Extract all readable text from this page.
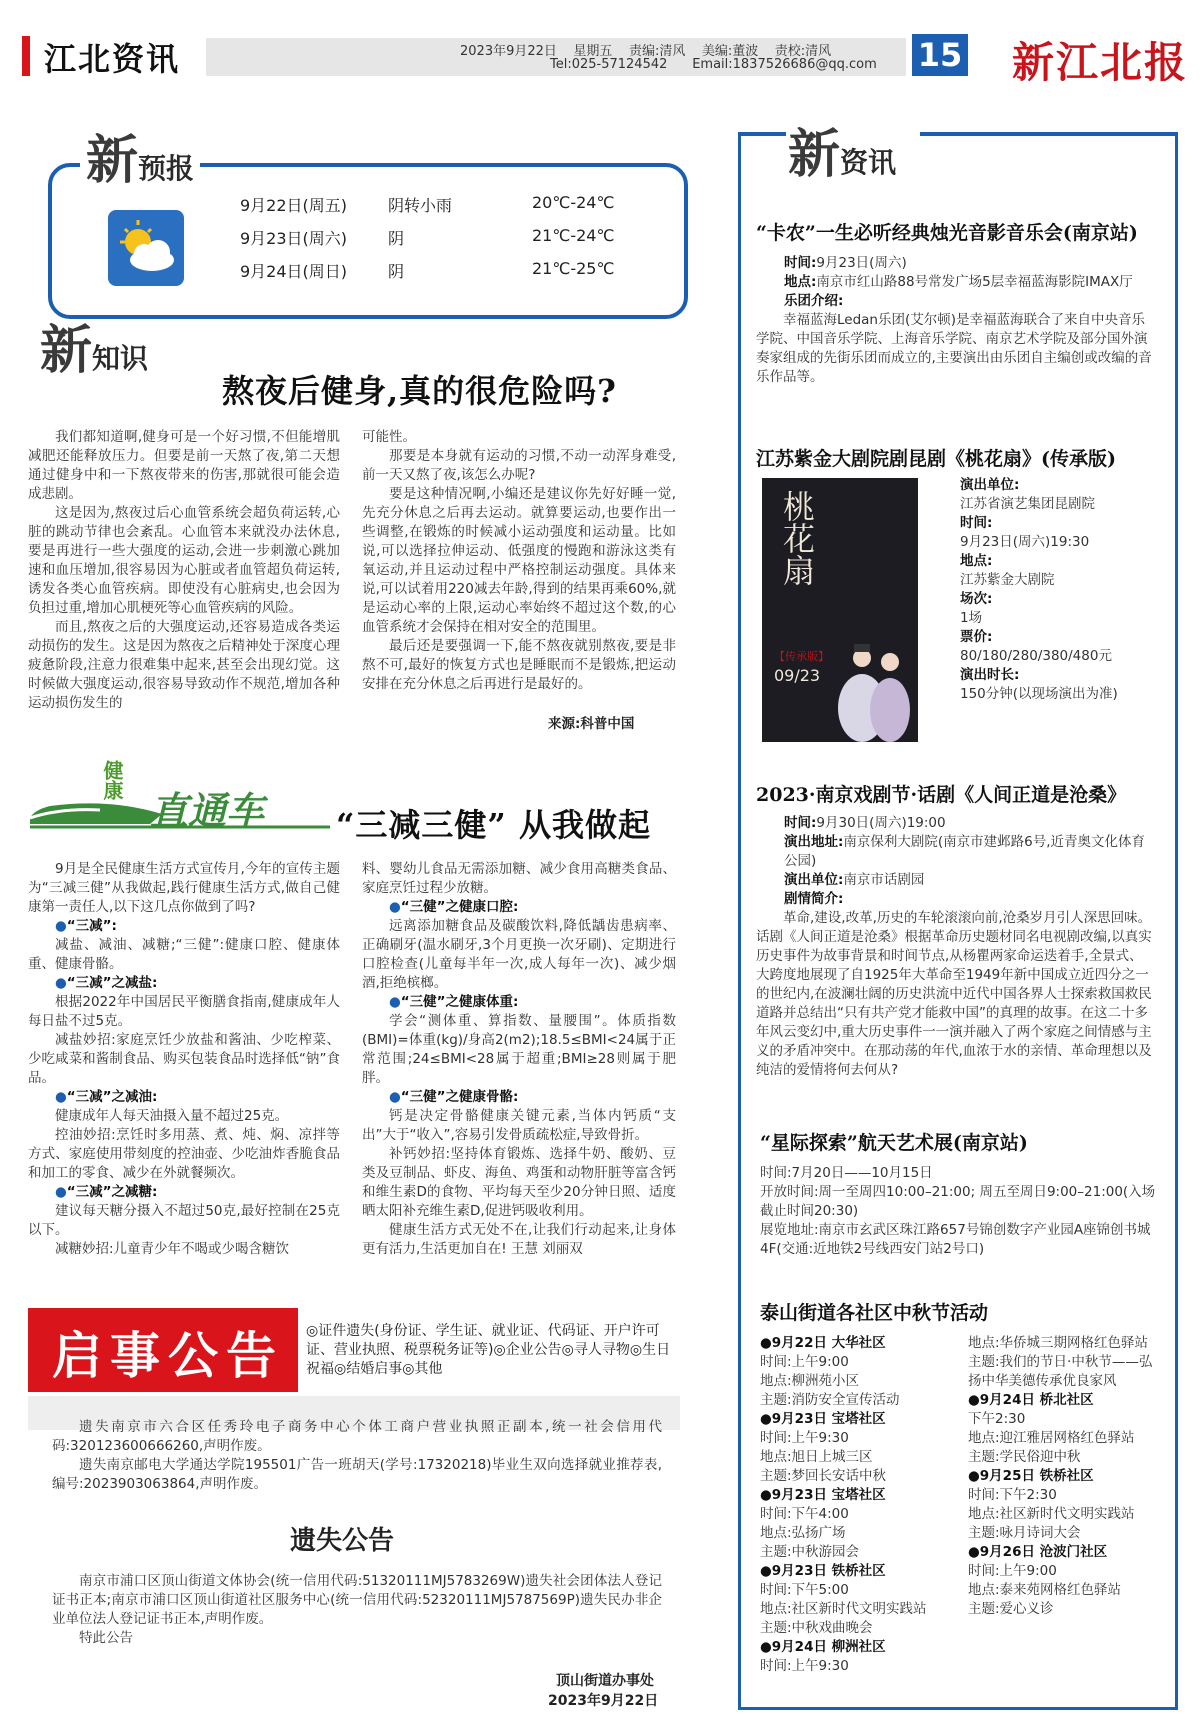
江北资讯	2023年9月22日    星期五    责编:清风    美编:董波    责校:清风
Tel:025-57124542      Email:1837526686@qq.com 15 新江北报
新预报
9月22日(周五)	阴转小雨	20℃-24℃
9月23日(周六)	阴	21℃-24℃
9月24日(周日)	阴	21℃-25℃
新知识
熬夜后健身,真的很危险吗?

我们都知道啊,健身可是一个好习惯,不但能增肌减肥还能释放压力。但要是前一天熬了夜,第二天想通过健身中和一下熬夜带来的伤害,那就很可能会造成悲剧。

这是因为,熬夜过后心血管系统会超负荷运转,心脏的跳动节律也会紊乱。心血管本来就没办法休息,要是再进行一些大强度的运动,会进一步刺激心跳加速和血压增加,很容易因为心脏或者血管超负荷运转,诱发各类心血管疾病。即使没有心脏病史,也会因为负担过重,增加心肌梗死等心血管疾病的风险。

而且,熬夜之后的大强度运动,还容易造成各类运动损伤的发生。这是因为熬夜之后精神处于深度心理疲惫阶段,注意力很难集中起来,甚至会出现幻觉。这时候做大强度运动,很容易导致动作不规范,增加各种运动损伤发生的

可能性。

那要是本身就有运动的习惯,不动一动浑身难受,前一天又熬了夜,该怎么办呢?

要是这种情况啊,小编还是建议你先好好睡一觉,先充分休息之后再去运动。就算要运动,也要作出一些调整,在锻炼的时候减小运动强度和运动量。比如说,可以选择拉伸运动、低强度的慢跑和游泳这类有氧运动,并且运动过程中严格控制运动强度。具体来说,可以试着用220减去年龄,得到的结果再乘60%,就是运动心率的上限,运动心率始终不超过这个数,的心血管系统才会保持在相对安全的范围里。

最后还是要强调一下,能不熬夜就别熬夜,要是非熬不可,最好的恢复方式也是睡眠而不是锻炼,把运动安排在充分休息之后再进行是最好的。

来源:科普中国
健康
直通车 “三减三健” 从我做起

9月是全民健康生活方式宣传月,今年的宣传主题为“三减三健”从我做起,践行健康生活方式,做自己健康第一责任人,以下这几点你做到了吗?

●“三减”:

减盐、减油、减糖;“三健”:健康口腔、健康体重、健康骨骼。

●“三减”之减盐:

根据2022年中国居民平衡膳食指南,健康成年人每日盐不过5克。

减盐妙招:家庭烹饪少放盐和酱油、少吃榨菜、少吃咸菜和酱制食品、购买包装食品时选择低“钠”食品。

●“三减”之减油:

健康成年人每天油摄入量不超过25克。

控油妙招:烹饪时多用蒸、煮、炖、焖、凉拌等方式、家庭使用带刻度的控油壶、少吃油炸香脆食品和加工的零食、减少在外就餐频次。

●“三减”之减糖:

建议每天糖分摄入不超过50克,最好控制在25克以下。

减糖妙招:儿童青少年不喝或少喝含糖饮

料、婴幼儿食品无需添加糖、减少食用高糖类食品、家庭烹饪过程少放糖。

●“三健”之健康口腔:

远离添加糖食品及碳酸饮料,降低龋齿患病率、正确刷牙(温水刷牙,3个月更换一次牙刷)、定期进行口腔检查(儿童每半年一次,成人每年一次)、减少烟酒,拒绝槟榔。

●“三健”之健康体重:

学会“测体重、算指数、量腰围”。体质指数(BMI)=体重(kg)/身高2(m2);18.5≤BMI<24属于正常范围;24≤BMI<28属于超重;BMI≥28则属于肥胖。

●“三健”之健康骨骼:

钙是决定骨骼健康关键元素,当体内钙质“支出”大于“收入”,容易引发骨质疏松症,导致骨折。

补钙妙招:坚持体育锻炼、选择牛奶、酸奶、豆类及豆制品、虾皮、海鱼、鸡蛋和动物肝脏等富含钙和维生素D的食物、平均每天至少20分钟日照、适度晒太阳补充维生素D,促进钙吸收利用。

健康生活方式无处不在,让我们行动起来,让身体更有活力,生活更加自在! 王慧 刘丽双

启事公告 ◎证件遗失(身份证、学生证、就业证、代码证、开户许可证、营业执照、税票税务证等)◎企业公告◎寻人寻物◎生日祝福◎结婚启事◎其他

遗失南京市六合区任秀玲电子商务中心个体工商户营业执照正副本,统一社会信用代码:320123600666260,声明作废。

遗失南京邮电大学通达学院195501广告一班胡天(学号:17320218)毕业生双向选择就业推荐表,编号:2023903063864,声明作废。

遗失公告

南京市浦口区顶山街道文体协会(统一信用代码:51320111MJ5783269W)遗失社会团体法人登记证书正本;南京市浦口区顶山街道社区服务中心(统一信用代码:52320111MJ5787569P)遗失民办非企业单位法人登记证书正本,声明作废。

特此公告

顶山街道办事处
2023年9月22日
新资讯
“卡农”一生必听经典烛光音影音乐会(南京站)
时间:9月23日(周六)
地点:南京市红山路88号常发广场5层幸福蓝海影院IMAX厅
乐团介绍:
幸福蓝海Ledan乐团(艾尔顿)是幸福蓝海联合了来自中央音乐学院、中国音乐学院、上海音乐学院、南京艺术学院及部分国外演奏家组成的先街乐团而成立的,主要演出由乐团自主编创或改编的音乐作品等。
江苏紫金大剧院剧昆剧《桃花扇》(传承版)
桃花扇
【传承版】
09/23
演出单位:
江苏省演艺集团昆剧院
时间:
9月23日(周六)19:30
地点:
江苏紫金大剧院
场次:
1场
票价:
80/180/280/380/480元
演出时长:
150分钟(以现场演出为准)
2023·南京戏剧节·话剧《人间正道是沧桑》
时间:9月30日(周六)19:00
演出地址:南京保利大剧院(南京市建邺路6号,近青奥文化体育公园)
演出单位:南京市话剧园
剧情简介:
革命,建设,改革,历史的车轮滚滚向前,沧桑岁月引人深思回味。话剧《人间正道是沧桑》根据革命历史题材同名电视剧改编,以真实历史事件为故事背景和时间节点,从杨瞿两家命运迭着手,全景式、大跨度地展现了自1925年大革命至1949年新中国成立近四分之一的世纪内,在波澜壮阔的历史洪流中近代中国各界人士探索救国救民道路并总结出“只有共产党才能救中国”的真理的故事。在这二十多年风云变幻中,重大历史事件一一演并融入了两个家庭之间情感与主义的矛盾冲突中。在那动荡的年代,血浓于水的亲情、革命理想以及纯洁的爱情将何去何从?
“星际探索”航天艺术展(南京站)
时间:7月20日——10月15日
开放时间:周一至周四10:00–21:00; 周五至周日9:00–21:00(入场截止时间20:30)
展览地址:南京市玄武区珠江路657号锦创数字产业园A座锦创书城4F(交通:近地铁2号线西安门站2号口)
泰山街道各社区中秋节活动
●9月22日 大华社区
时间:上午9:00
地点:柳洲苑小区
主题:消防安全宣传活动
●9月23日 宝塔社区
时间:上午9:30
地点:旭日上城三区
主题:梦回长安话中秋
●9月23日 宝塔社区
时间:下午4:00
地点:弘扬广场
主题:中秋游园会
●9月23日 铁桥社区
时间:下午5:00
地点:社区新时代文明实践站
主题:中秋戏曲晚会
●9月24日 柳洲社区
时间:上午9:30
地点:华侨城三期网格红色驿站
主题:我们的节日·中秋节——弘扬中华美德传承优良家风
●9月24日 桥北社区
下午2:30
地点:迎江雅居网格红色驿站
主题:学民俗迎中秋
●9月25日 铁桥社区
时间:下午2:30
地点:社区新时代文明实践站
主题:咏月诗词大会
●9月26日 沧波门社区
时间:上午9:00
地点:泰来苑网格红色驿站
主题:爱心义诊
